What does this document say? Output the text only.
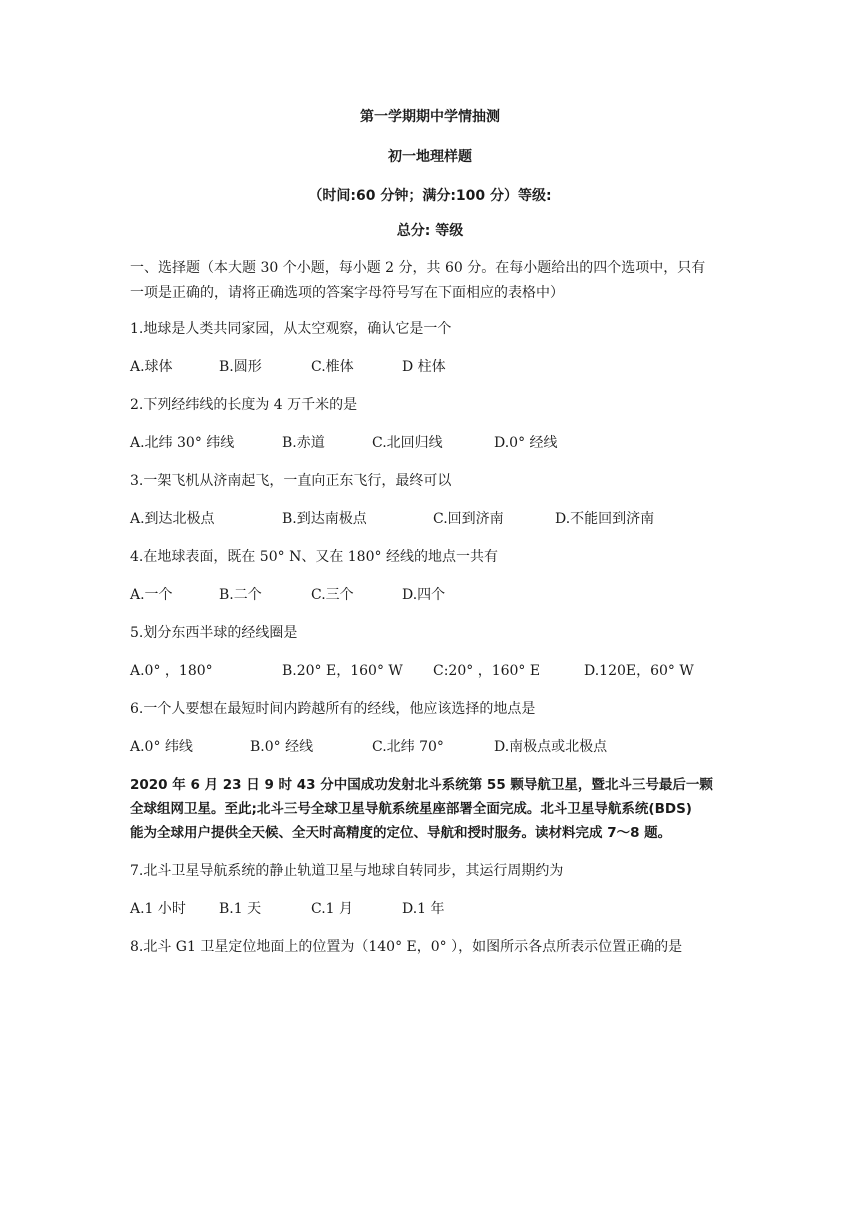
第一学期期中学情抽测
初一地理样题
（时间:60 分钟；满分:100 分）等级:
总分: 等级
一、选择题（本大题 30 个小题，每小题 2 分，共 60 分。在每小题给出的四个选项中，只有
一项是正确的，请将正确选项的答案字母符号写在下面相应的表格中）
1.地球是人类共同家园，从太空观察，确认它是一个
A.球体	B.圆形	C.椎体	D 柱体
2.下列经纬线的长度为 4 万千米的是
A.北纬 30° 纬线	B.赤道	C.北回归线	D.0° 经线
3.一架飞机从济南起飞，一直向正东飞行，最终可以
A.到达北极点	B.到达南极点	C.回到济南	D.不能回到济南
4.在地球表面，既在 50° N、又在 180° 经线的地点一共有
A.一个	B.二个	C.三个	D.四个
5.划分东西半球的经线圈是
A.0° ，180°	B.20° E，160° W C:20° ，160° E	D.120E，60° W
6.一个人要想在最短时间内跨越所有的经线，他应该选择的地点是
A.0° 纬线	B.0° 经线	C.北纬 70°	D.南极点或北极点
2020 年 6 月 23 日 9 时 43 分中国成功发射北斗系统第 55 颗导航卫星，暨北斗三号最后一颗
全球组网卫星。至此;北斗三号全球卫星导航系统星座部署全面完成。北斗卫星导航系统(BDS)
能为全球用户提供全天候、全天时高精度的定位、导航和授时服务。读材料完成 7～8 题。
7.北斗卫星导航系统的静止轨道卫星与地球自转同步，其运行周期约为
A.1 小时 B.1 天	C.1 月	D.1 年
8.北斗 G1 卫星定位地面上的位置为（140° E，0° ），如图所示各点所表示位置正确的是
